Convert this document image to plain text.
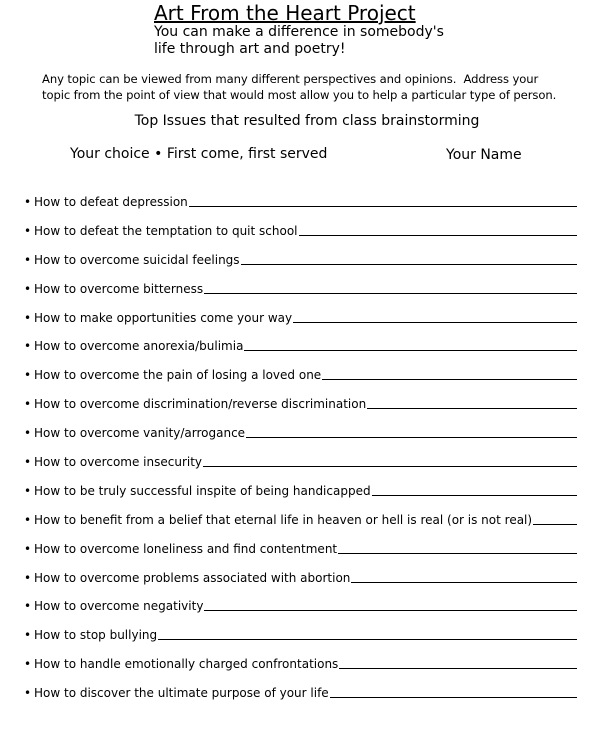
Art From the Heart Project
You can make a difference in somebody's
life through art and poetry!
Any topic can be viewed from many different perspectives and opinions.  Address your
topic from the point of view that would most allow you to help a particular type of person.
Top Issues that resulted from class brainstorming
Your choice • First come, first served	Your Name
• How to defeat depression
• How to defeat the temptation to quit school
• How to overcome suicidal feelings
• How to overcome bitterness
• How to make opportunities come your way
• How to overcome anorexia/bulimia
• How to overcome the pain of losing a loved one
• How to overcome discrimination/reverse discrimination
• How to overcome vanity/arrogance
• How to overcome insecurity
• How to be truly successful inspite of being handicapped
• How to benefit from a belief that eternal life in heaven or hell is real (or is not real)
• How to overcome loneliness and find contentment
• How to overcome problems associated with abortion
• How to overcome negativity
• How to stop bullying
• How to handle emotionally charged confrontations
• How to discover the ultimate purpose of your life
